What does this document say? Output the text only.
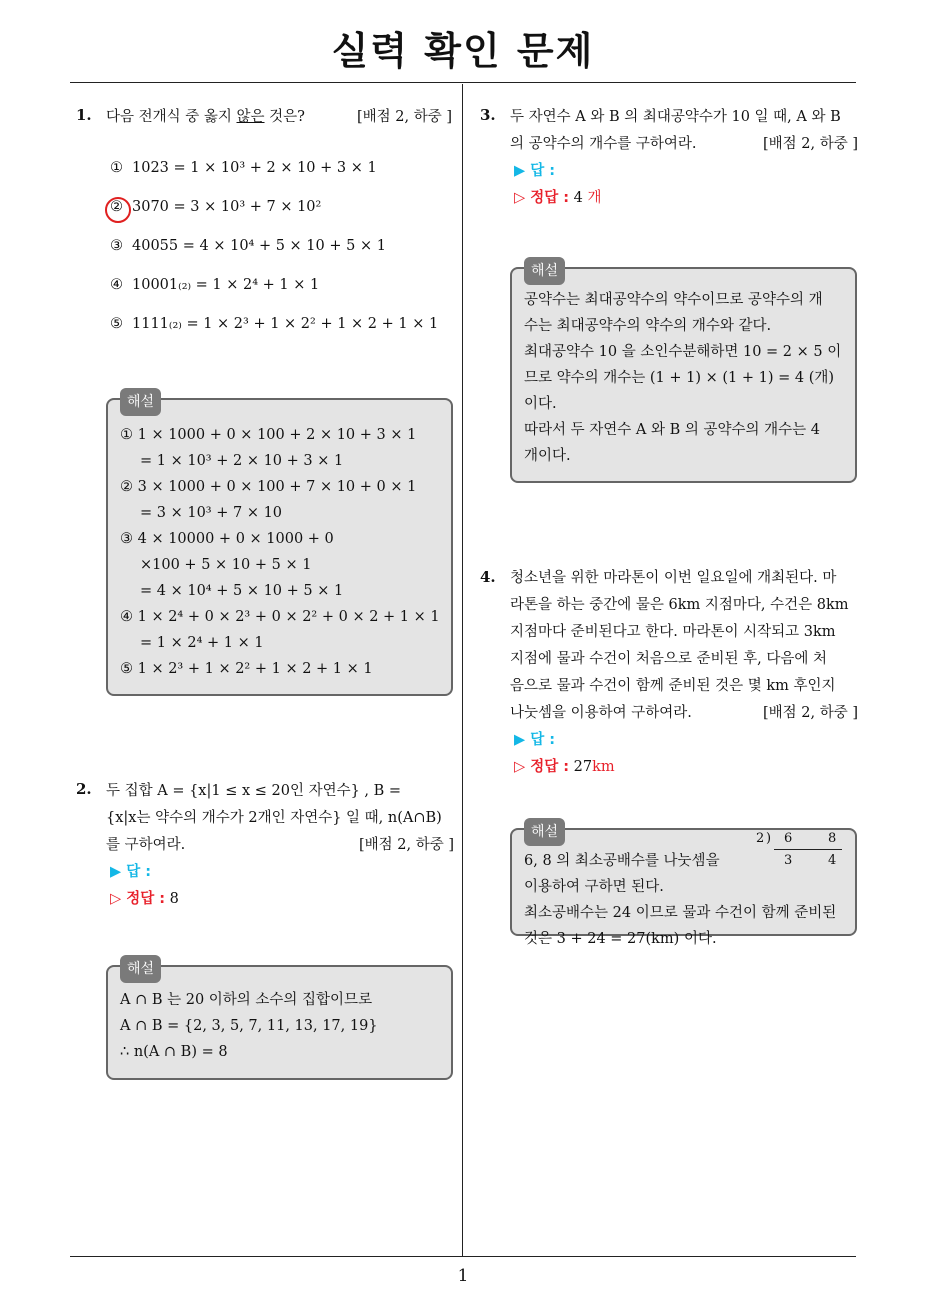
실력 확인 문제
1
1.	[배점 2, 하중 ]
다음 전개식 중 옳지 않은 것은?
① 1023 = 1 × 10³ + 2 × 10 + 3 × 1
② 3070 = 3 × 10³ + 7 × 10²
③ 40055 = 4 × 10⁴ + 5 × 10 + 5 × 1
④ 10001₍₂₎ = 1 × 2⁴ + 1 × 1
⑤ 1111₍₂₎ = 1 × 2³ + 1 × 2² + 1 × 2 + 1 × 1
해설
① 1 × 1000 + 0 × 100 + 2 × 10 + 3 × 1
= 1 × 10³ + 2 × 10 + 3 × 1
② 3 × 1000 + 0 × 100 + 7 × 10 + 0 × 1
= 3 × 10³ + 7 × 10
③ 4 × 10000 + 0 × 1000 + 0
×100 + 5 × 10 + 5 × 1
= 4 × 10⁴ + 5 × 10 + 5 × 1
④ 1 × 2⁴ + 0 × 2³ + 0 × 2² + 0 × 2 + 1 × 1
= 1 × 2⁴ + 1 × 1
⑤ 1 × 2³ + 1 × 2² + 1 × 2 + 1 × 1
2. 두 집합 A = {x|1 ≤ x ≤ 20인 자연수} , B =
{x|x는 약수의 개수가 2개인 자연수} 일 때, n(A∩B)
[배점 2, 하중 ]
를 구하여라.
▶ 답 :
▷ 정답 : 8
해설
A ∩ B 는 20 이하의 소수의 집합이므로
A ∩ B = {2, 3, 5, 7, 11, 13, 17, 19}
∴ n(A ∩ B) = 8
3. 두 자연수 A 와 B 의 최대공약수가 10 일 때, A 와 B
[배점 2, 하중 ]
의 공약수의 개수를 구하여라.
▶ 답 :
▷ 정답 : 4 개
해설
공약수는 최대공약수의 약수이므로 공약수의 개
수는 최대공약수의 약수의 개수와 같다.
최대공약수 10 을 소인수분해하면 10 = 2 × 5 이
므로 약수의 개수는 (1 + 1) × (1 + 1) = 4 (개)
이다.
따라서 두 자연수 A 와 B 의 공약수의 개수는 4
개이다.
4. 청소년을 위한 마라톤이 이번 일요일에 개최된다. 마
라톤을 하는 중간에 물은 6km 지점마다, 수건은 8km
지점마다 준비된다고 한다. 마라톤이 시작되고 3km
지점에 물과 수건이 처음으로 준비된 후, 다음에 처
음으로 물과 수건이 함께 준비된 것은 몇 km 후인지
[배점 2, 하중 ]
나눗셈을 이용하여 구하여라.
▶ 답 :
▷ 정답 : 27km
해설
6, 8 의 최소공배수를 나눗셈을
이용하여 구하면 된다.
최소공배수는 24 이므로 물과 수건이 함께 준비된
것은 3 + 24 = 27(km) 이다.
2 ) 6	8
3	4
